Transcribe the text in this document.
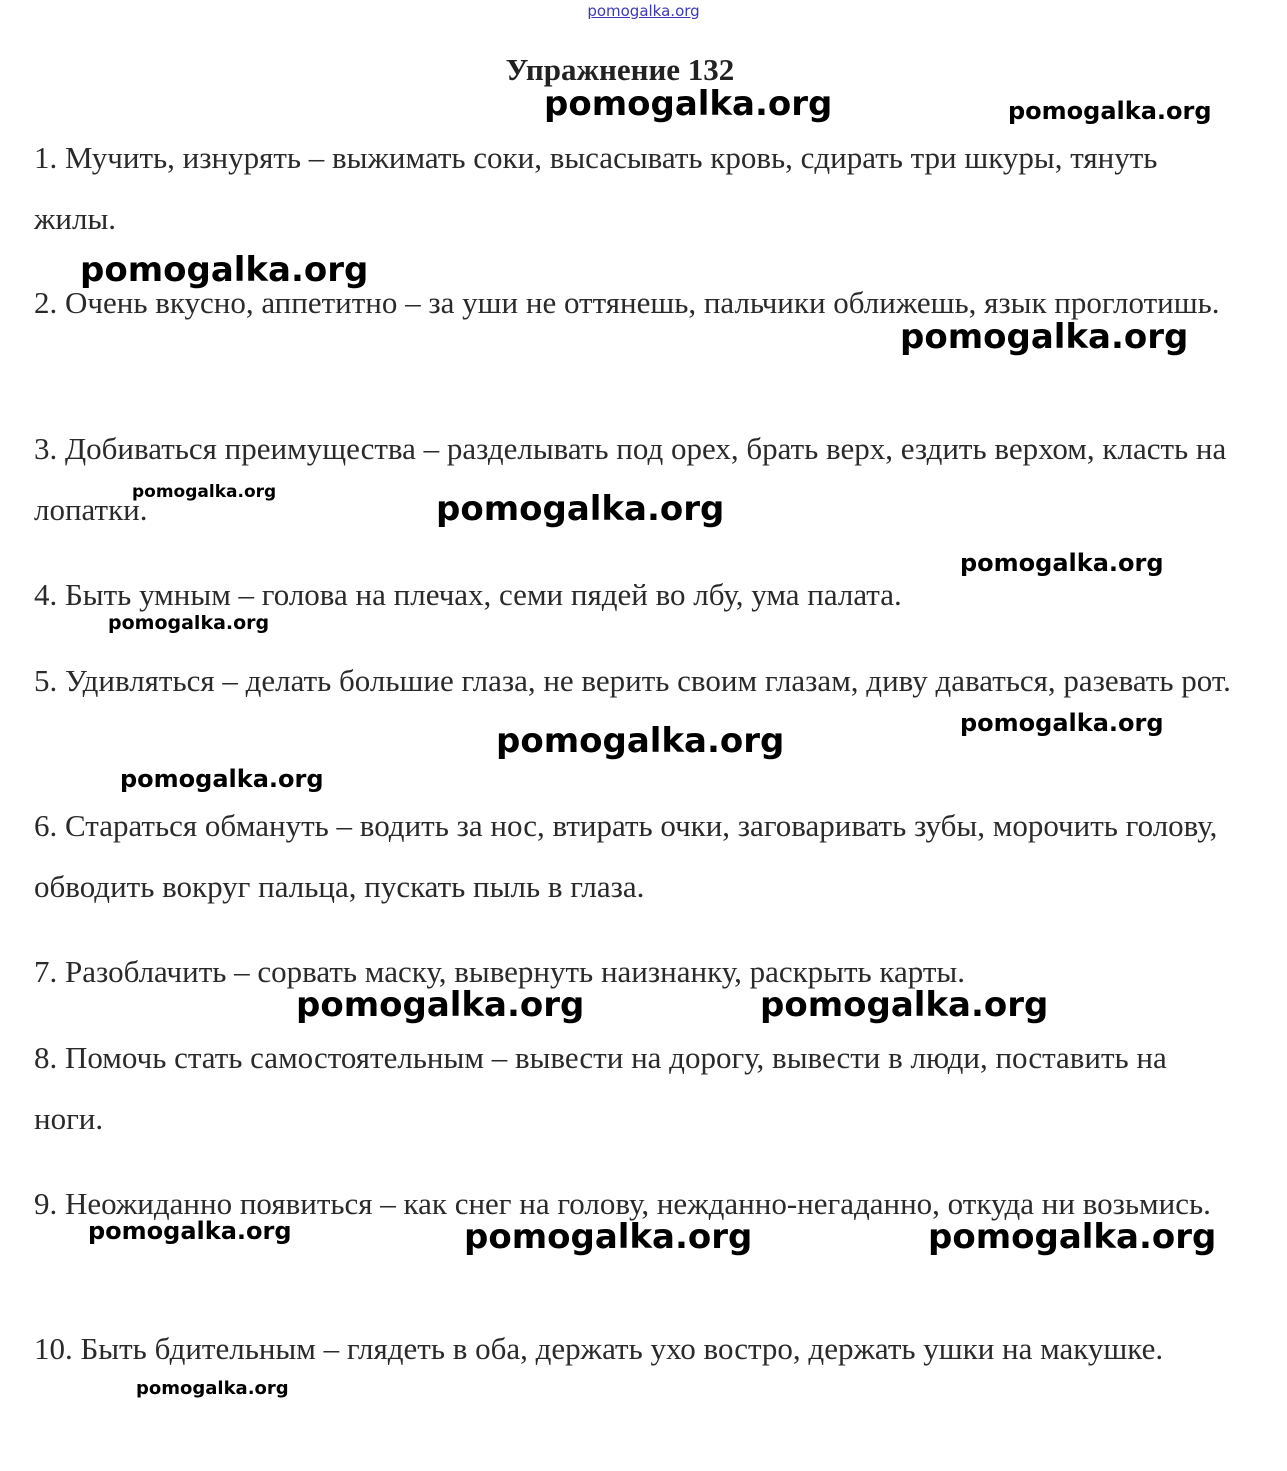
pomogalka.org
Упражнение 132

1. Мучить, изнурять – выжимать соки, высасывать кровь, сдирать три шкуры, тянуть жилы.

2. Очень вкусно, аппетитно – за уши не оттянешь, пальчики оближешь, язык проглотишь.

3. Добиваться преимущества – разделывать под орех, брать верх, ездить верхом, класть на лопатки.

4. Быть умным – голова на плечах, семи пядей во лбу, ума палата.

5. Удивляться – делать большие глаза, не верить своим глазам, диву даваться, разевать рот.

6. Стараться обмануть – водить за нос, втирать очки, заговаривать зубы, морочить голову, обводить вокруг пальца, пускать пыль в глаза.

7. Разоблачить – сорвать маску, вывернуть наизнанку, раскрыть карты.

8. Помочь стать самостоятельным – вывести на дорогу, вывести в люди, поставить на ноги.

9. Неожиданно появиться – как снег на голову, нежданно-негаданно, откуда ни возьмись.

10. Быть бдительным – глядеть в оба, держать ухо востро, держать ушки на макушке.

pomogalka.org	pomogalka.org
pomogalka.org
pomogalka.org
pomogalka.org	pomogalka.org
pomogalka.org
pomogalka.org
pomogalka.org
pomogalka.org
pomogalka.org
pomogalka.org	pomogalka.org
pomogalka.org	pomogalka.org	pomogalka.org
pomogalka.org
pomogalka.org
